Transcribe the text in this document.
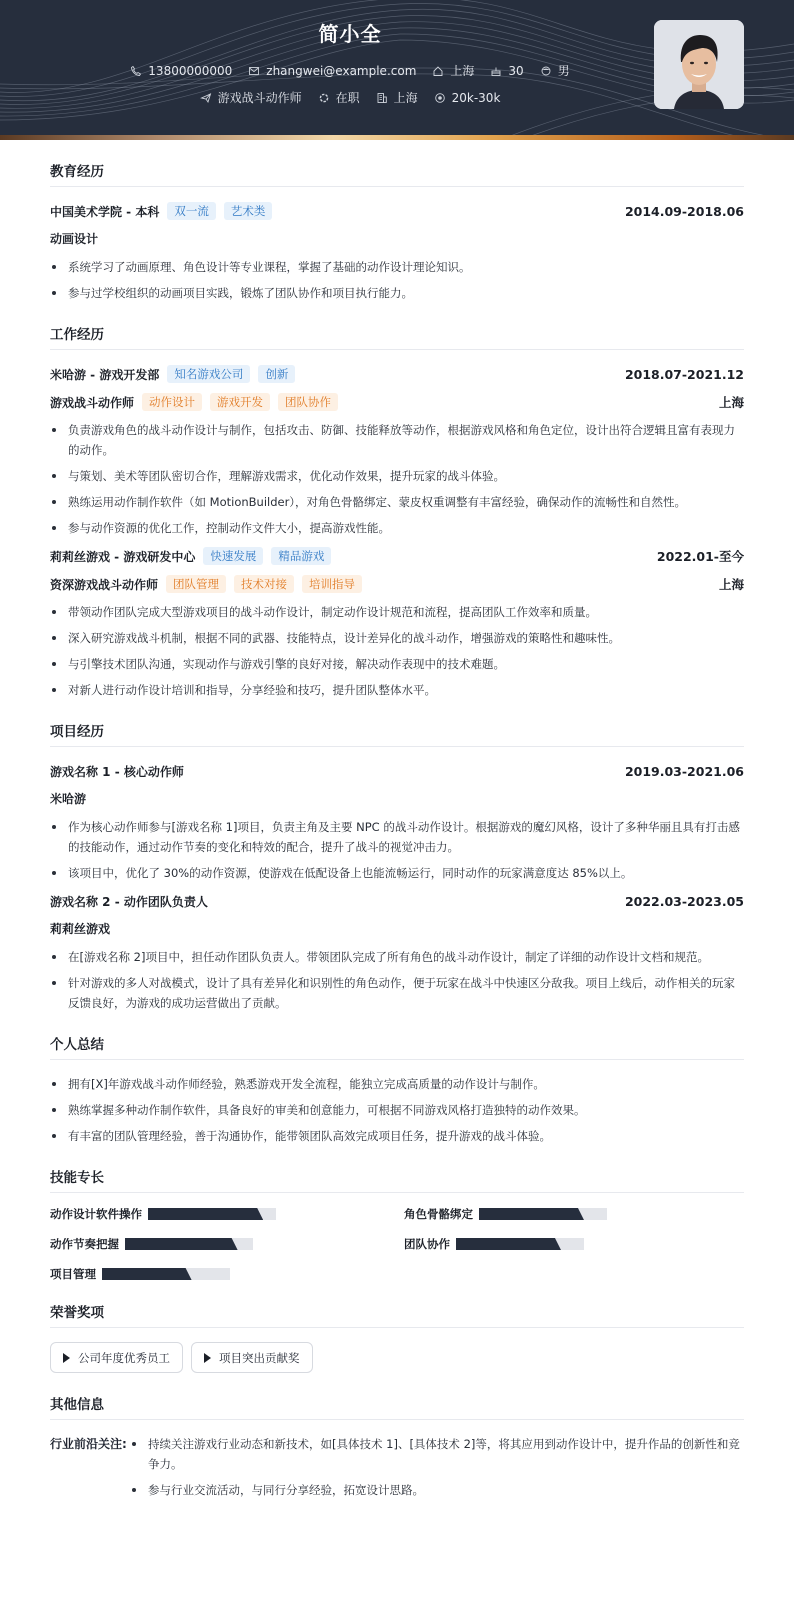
简小全
13800000000	zhangwei@example.com	上海	30	男
游戏战斗动作师	在职	上海	20k-30k
教育经历
中国美术学院 - 本科	双一流	艺术类	2014.09-2018.06
动画设计
系统学习了动画原理、角色设计等专业课程，掌握了基础的动作设计理论知识。
参与过学校组织的动画项目实践，锻炼了团队协作和项目执行能力。
工作经历
米哈游 - 游戏开发部	知名游戏公司	创新	2018.07-2021.12
游戏战斗动作师	动作设计	游戏开发	团队协作	上海
负责游戏角色的战斗动作设计与制作，包括攻击、防御、技能释放等动作，根据游戏风格和角色定位，设计出符合逻辑且富有表现力的动作。
与策划、美术等团队密切合作，理解游戏需求，优化动作效果，提升玩家的战斗体验。
熟练运用动作制作软件（如 MotionBuilder），对角色骨骼绑定、蒙皮权重调整有丰富经验，确保动作的流畅性和自然性。
参与动作资源的优化工作，控制动作文件大小，提高游戏性能。
莉莉丝游戏 - 游戏研发中心	快速发展	精品游戏	2022.01-至今
资深游戏战斗动作师	团队管理	技术对接	培训指导	上海
带领动作团队完成大型游戏项目的战斗动作设计，制定动作设计规范和流程，提高团队工作效率和质量。
深入研究游戏战斗机制，根据不同的武器、技能特点，设计差异化的战斗动作，增强游戏的策略性和趣味性。
与引擎技术团队沟通，实现动作与游戏引擎的良好对接，解决动作表现中的技术难题。
对新人进行动作设计培训和指导，分享经验和技巧，提升团队整体水平。
项目经历
游戏名称 1 - 核心动作师	2019.03-2021.06
米哈游
作为核心动作师参与[游戏名称 1]项目，负责主角及主要 NPC 的战斗动作设计。根据游戏的魔幻风格，设计了多种华丽且具有打击感的技能动作，通过动作节奏的变化和特效的配合，提升了战斗的视觉冲击力。
该项目中，优化了 30%的动作资源，使游戏在低配设备上也能流畅运行，同时动作的玩家满意度达 85%以上。
游戏名称 2 - 动作团队负责人	2022.03-2023.05
莉莉丝游戏
在[游戏名称 2]项目中，担任动作团队负责人。带领团队完成了所有角色的战斗动作设计，制定了详细的动作设计文档和规范。
针对游戏的多人对战模式，设计了具有差异化和识别性的角色动作，便于玩家在战斗中快速区分敌我。项目上线后，动作相关的玩家反馈良好，为游戏的成功运营做出了贡献。
个人总结
拥有[X]年游戏战斗动作师经验，熟悉游戏开发全流程，能独立完成高质量的动作设计与制作。
熟练掌握多种动作制作软件，具备良好的审美和创意能力，可根据不同游戏风格打造独特的动作效果。
有丰富的团队管理经验，善于沟通协作，能带领团队高效完成项目任务，提升游戏的战斗体验。
技能专长
动作设计软件操作	角色骨骼绑定
动作节奏把握	团队协作
项目管理
荣誉奖项
公司年度优秀员工	项目突出贡献奖
其他信息
行业前沿关注:	持续关注游戏行业动态和新技术，如[具体技术 1]、[具体技术 2]等，将其应用到动作设计中，提升作品的创新性和竞争力。
参与行业交流活动，与同行分享经验，拓宽设计思路。
